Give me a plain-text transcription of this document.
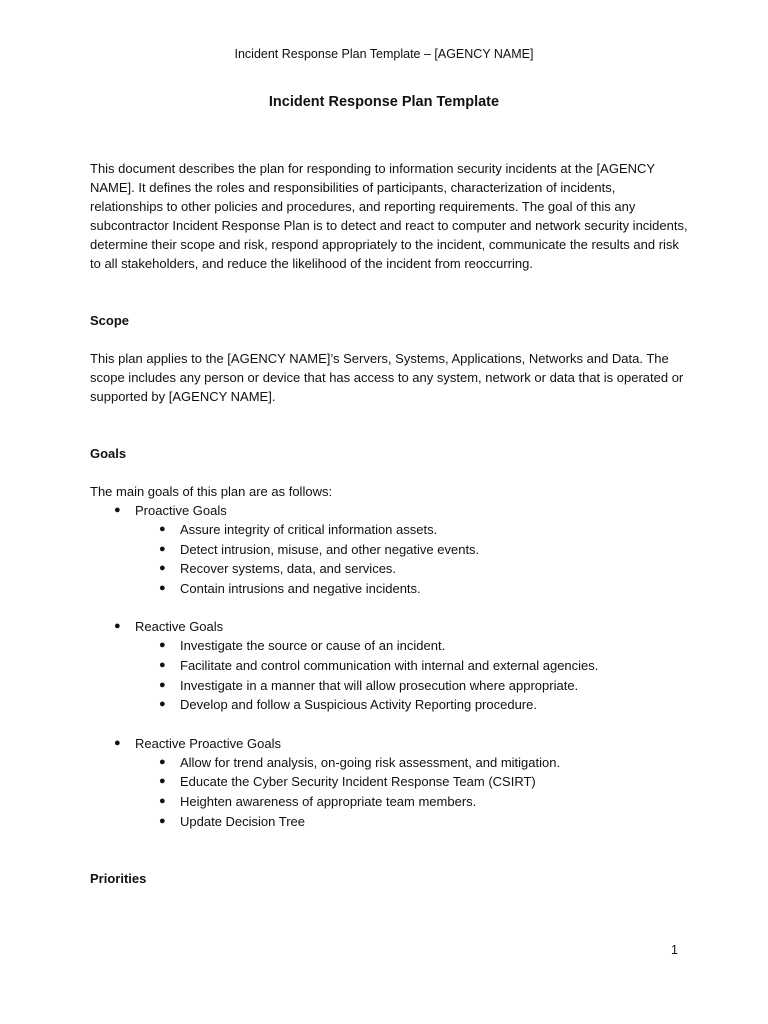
Incident Response Plan Template – [AGENCY NAME]
Incident Response Plan Template

This document describes the plan for responding to information security incidents at the [AGENCY NAME]. It defines the roles and responsibilities of participants, characterization of incidents, relationships to other policies and procedures, and reporting requirements. The goal of this any subcontractor Incident Response Plan is to detect and react to computer and network security incidents, determine their scope and risk, respond appropriately to the incident, communicate the results and risk to all stakeholders, and reduce the likelihood of the incident from reoccurring.

Scope

This plan applies to the [AGENCY NAME]’s Servers, Systems, Applications, Networks and Data. The scope includes any person or device that has access to any system, network or data that is operated or supported by [AGENCY NAME].

Goals

The main goals of this plan are as follows:

● Proactive Goals
● Assure integrity of critical information assets.
● Detect intrusion, misuse, and other negative events.
● Recover systems, data, and services.
● Contain intrusions and negative incidents.
● Reactive Goals
● Investigate the source or cause of an incident.
● Facilitate and control communication with internal and external agencies.
● Investigate in a manner that will allow prosecution where appropriate.
● Develop and follow a Suspicious Activity Reporting procedure.
● Reactive Proactive Goals
● Allow for trend analysis, on-going risk assessment, and mitigation.
● Educate the Cyber Security Incident Response Team (CSIRT)
● Heighten awareness of appropriate team members.
● Update Decision Tree

Priorities

1
